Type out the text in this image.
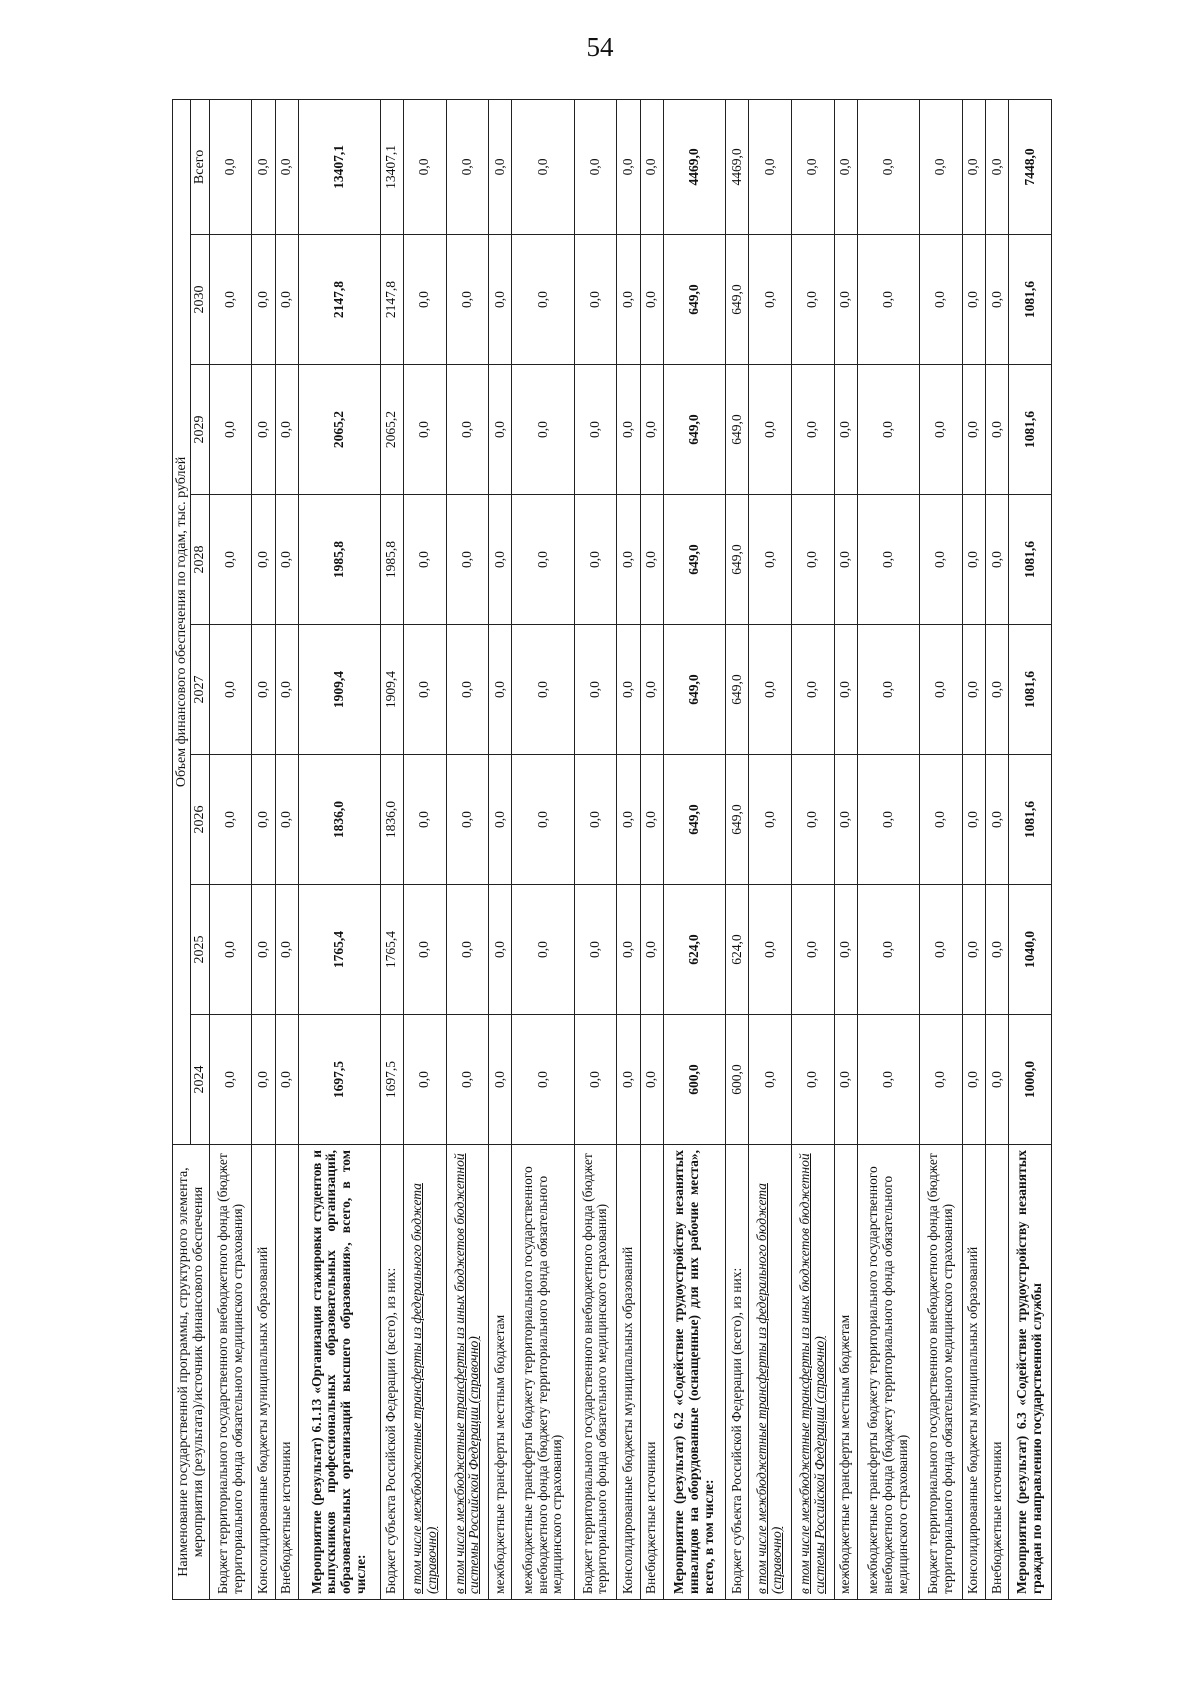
54
Наименование государственной программы, структурного элемента, мероприятия (результата)/источник финансового обеспечения	Объем финансового обеспечения по годам, тыс. рублей							
	2024	2025	2026	2027	2028	2029	2030	Всего
Бюджет территориального государственного внебюджетного фонда (бюджет территориального фонда обязательного медицинского страхования)	0,0	0,0	0,0	0,0	0,0	0,0	0,0	0,0
Консолидированные бюджеты муниципальных образований	0,0	0,0	0,0	0,0	0,0	0,0	0,0	0,0
Внебюджетные источники	0,0	0,0	0,0	0,0	0,0	0,0	0,0	0,0
Мероприятие (результат) 6.1.13 «Организация стажировки студентов и выпускников профессиональных образовательных организаций, образовательных организаций высшего образования», всего, в том числе:	1697,5	1765,4	1836,0	1909,4	1985,8	2065,2	2147,8	13407,1
Бюджет субъекта Российской Федерации (всего), из них:	1697,5	1765,4	1836,0	1909,4	1985,8	2065,2	2147,8	13407,1
в том числе межбюджетные трансферты из федерального бюджета (справочно)	0,0	0,0	0,0	0,0	0,0	0,0	0,0	0,0
в том числе межбюджетные трансферты из иных бюджетов бюджетной системы Российской Федерации (справочно)	0,0	0,0	0,0	0,0	0,0	0,0	0,0	0,0
межбюджетные трансферты местным бюджетам	0,0	0,0	0,0	0,0	0,0	0,0	0,0	0,0
межбюджетные трансферты бюджету территориального государственного внебюджетного фонда (бюджету территориального фонда обязательного медицинского страхования)	0,0	0,0	0,0	0,0	0,0	0,0	0,0	0,0
Бюджет территориального государственного внебюджетного фонда (бюджет территориального фонда обязательного медицинского страхования)	0,0	0,0	0,0	0,0	0,0	0,0	0,0	0,0
Консолидированные бюджеты муниципальных образований	0,0	0,0	0,0	0,0	0,0	0,0	0,0	0,0
Внебюджетные источники	0,0	0,0	0,0	0,0	0,0	0,0	0,0	0,0
Мероприятие (результат) 6.2 «Содействие трудоустройству незанятых инвалидов на оборудованные (оснащенные) для них рабочие места», всего, в том числе:	600,0	624,0	649,0	649,0	649,0	649,0	649,0	4469,0
Бюджет субъекта Российской Федерации (всего), из них:	600,0	624,0	649,0	649,0	649,0	649,0	649,0	4469,0
в том числе межбюджетные трансферты из федерального бюджета (справочно)	0,0	0,0	0,0	0,0	0,0	0,0	0,0	0,0
в том числе межбюджетные трансферты из иных бюджетов бюджетной системы Российской Федерации (справочно)	0,0	0,0	0,0	0,0	0,0	0,0	0,0	0,0
межбюджетные трансферты местным бюджетам	0,0	0,0	0,0	0,0	0,0	0,0	0,0	0,0
межбюджетные трансферты бюджету территориального государственного внебюджетного фонда (бюджету территориального фонда обязательного медицинского страхования)	0,0	0,0	0,0	0,0	0,0	0,0	0,0	0,0
Бюджет территориального государственного внебюджетного фонда (бюджет территориального фонда обязательного медицинского страхования)	0,0	0,0	0,0	0,0	0,0	0,0	0,0	0,0
Консолидированные бюджеты муниципальных образований	0,0	0,0	0,0	0,0	0,0	0,0	0,0	0,0
Внебюджетные источники	0,0	0,0	0,0	0,0	0,0	0,0	0,0	0,0
Мероприятие (результат) 6.3 «Содействие трудоустройству незанятых граждан по направлению государственной службы	1000,0	1040,0	1081,6	1081,6	1081,6	1081,6	1081,6	7448,0
